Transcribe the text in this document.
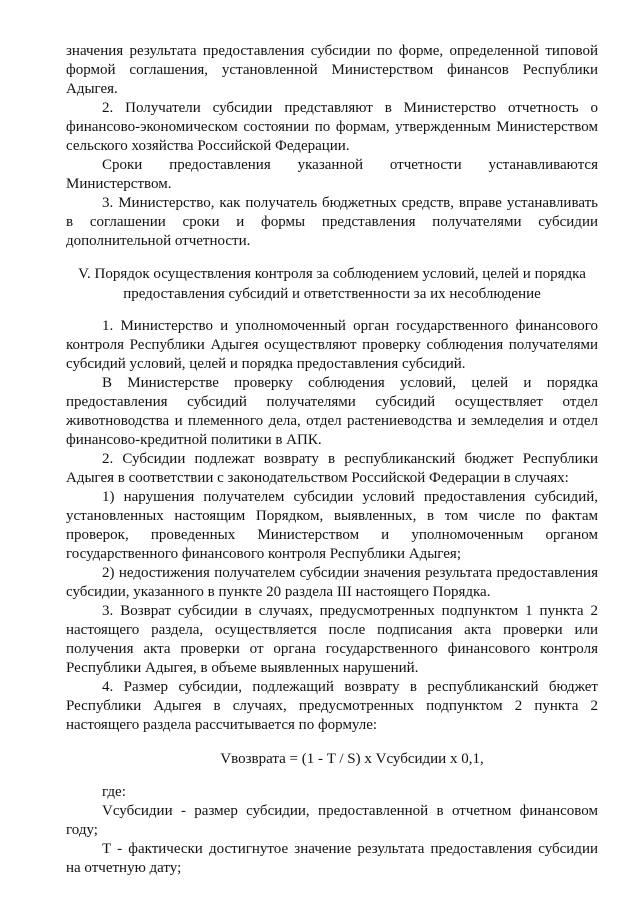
значения результата предоставления субсидии по форме, определенной типовой формой соглашения, установленной Министерством финансов Республики Адыгея.

2. Получатели субсидии представляют в Министерство отчетность о финансово-экономическом состоянии по формам, утвержденным Министерством сельского хозяйства Российской Федерации.

Сроки предоставления указанной отчетности устанавливаются Министерством.

3. Министерство, как получатель бюджетных средств, вправе устанавливать в соглашении сроки и формы представления получателями субсидии дополнительной отчетности.

V. Порядок осуществления контроля за соблюдением условий, целей и порядка предоставления субсидий и ответственности за их несоблюдение

1. Министерство и уполномоченный орган государственного финансового контроля Республики Адыгея осуществляют проверку соблюдения получателями субсидий условий, целей и порядка предоставления субсидий.

В Министерстве проверку соблюдения условий, целей и порядка предоставления субсидий получателями субсидий осуществляет отдел животноводства и племенного дела, отдел растениеводства и земледелия и отдел финансово-кредитной политики в АПК.

2. Субсидии подлежат возврату в республиканский бюджет Республики Адыгея в соответствии с законодательством Российской Федерации в случаях:

1) нарушения получателем субсидии условий предоставления субсидий, установленных настоящим Порядком, выявленных, в том числе по фактам проверок, проведенных Министерством и уполномоченным органом государственного финансового контроля Республики Адыгея;

2) недостижения получателем субсидии значения результата предоставления субсидии, указанного в пункте 20 раздела III настоящего Порядка.

3. Возврат субсидии в случаях, предусмотренных подпунктом 1 пункта 2 настоящего раздела, осуществляется после подписания акта проверки или получения акта проверки от органа государственного финансового контроля Республики Адыгея, в объеме выявленных нарушений.

4. Размер субсидии, подлежащий возврату в республиканский бюджет Республики Адыгея в случаях, предусмотренных подпунктом 2 пункта 2 настоящего раздела рассчитывается по формуле:

Vвозврата = (1 - T / S) х Vсубсидии х 0,1,

где:

Vсубсидии - размер субсидии, предоставленной в отчетном финансовом году;

T - фактически достигнутое значение результата предоставления субсидии на отчетную дату;
